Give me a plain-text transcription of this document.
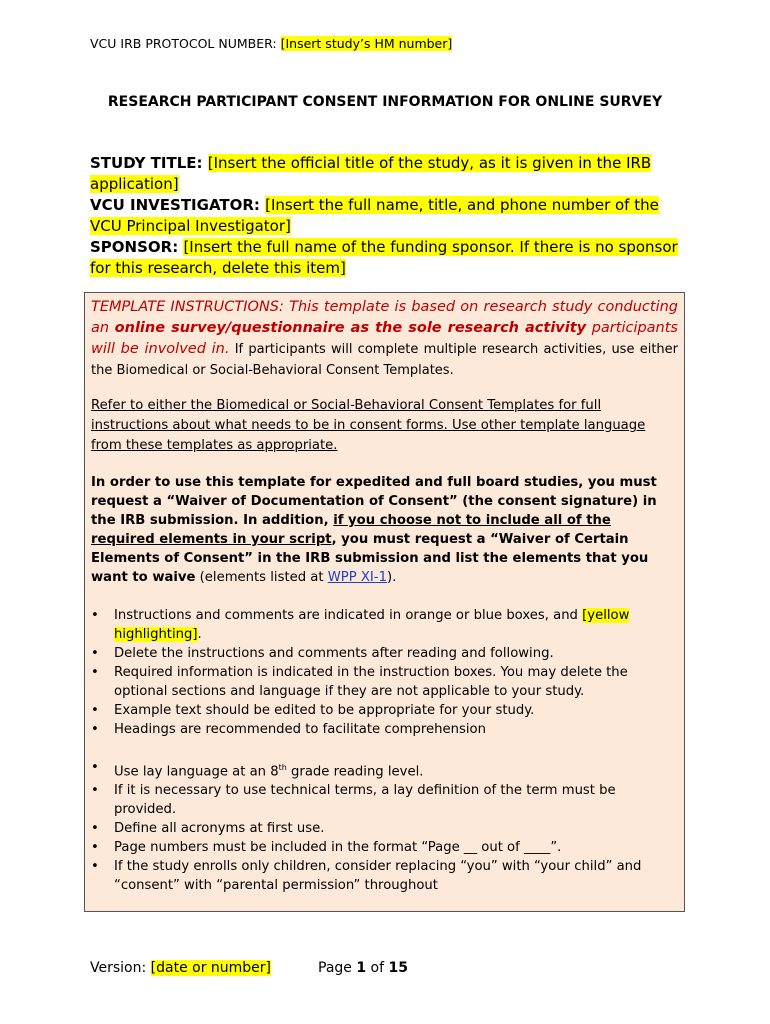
VCU IRB PROTOCOL NUMBER: [Insert study’s HM number]
RESEARCH PARTICIPANT CONSENT INFORMATION FOR ONLINE SURVEY
STUDY TITLE: [Insert the official title of the study, as it is given in the IRB application]
VCU INVESTIGATOR: [Insert the full name, title, and phone number of the VCU Principal Investigator]
SPONSOR: [Insert the full name of the funding sponsor. If there is no sponsor for this research, delete this item]

TEMPLATE INSTRUCTIONS: This template is based on research study conducting an online survey/questionnaire as the sole research activity participants will be involved in. If participants will complete multiple research activities, use either the Biomedical or Social-Behavioral Consent Templates.

Refer to either the Biomedical or Social-Behavioral Consent Templates for full instructions about what needs to be in consent forms. Use other template language from these templates as appropriate.

In order to use this template for expedited and full board studies, you must request a “Waiver of Documentation of Consent” (the consent signature) in the IRB submission. In addition, if you choose not to include all of the required elements in your script, you must request a “Waiver of Certain Elements of Consent” in the IRB submission and list the elements that you want to waive (elements listed at WPP XI-1).

• Instructions and comments are indicated in orange or blue boxes, and [yellow highlighting].
• Delete the instructions and comments after reading and following.
• Required information is indicated in the instruction boxes. You may delete the optional sections and language if they are not applicable to your study.
• Example text should be edited to be appropriate for your study.
• Headings are recommended to facilitate comprehension
• Use lay language at an 8th grade reading level.
• If it is necessary to use technical terms, a lay definition of the term must be provided.
• Define all acronyms at first use.
• Page numbers must be included in the format “Page __ out of ____”.
• If the study enrolls only children, consider replacing “you” with “your child” and “consent” with “parental permission” throughout
Version: [date or number]	Page 1 of 15
